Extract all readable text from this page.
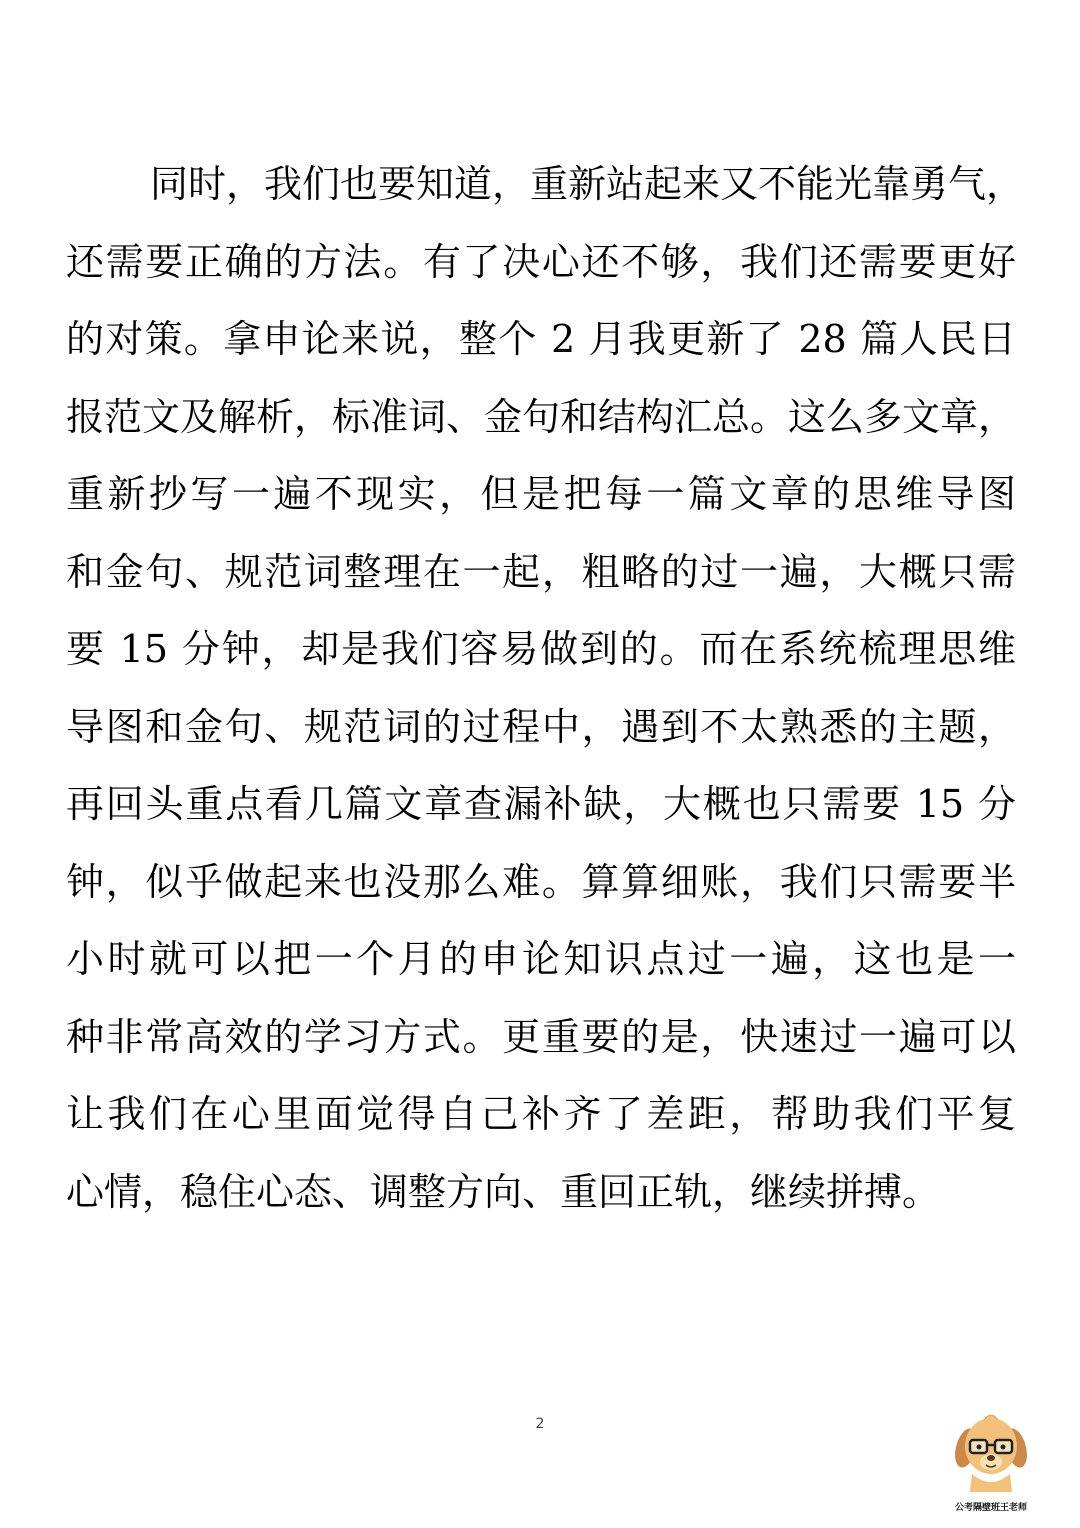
同时，我们也要知道，重新站起来又不能光靠勇气，
还需要正确的方法。有了决心还不够，我们还需要更好
的对策。拿申论来说，整个 2 月我更新了 28 篇人民日
报范文及解析，标准词、金句和结构汇总。这么多文章，
重新抄写一遍不现实，但是把每一篇文章的思维导图
和金句、规范词整理在一起，粗略的过一遍，大概只需
要 15 分钟，却是我们容易做到的。而在系统梳理思维
导图和金句、规范词的过程中，遇到不太熟悉的主题，
再回头重点看几篇文章查漏补缺，大概也只需要 15 分
钟，似乎做起来也没那么难。算算细账，我们只需要半
小时就可以把一个月的申论知识点过一遍，这也是一
种非常高效的学习方式。更重要的是，快速过一遍可以
让我们在心里面觉得自己补齐了差距，帮助我们平复
心情，稳住心态、调整方向、重回正轨，继续拼搏。
2
公考隔壁班王老师
